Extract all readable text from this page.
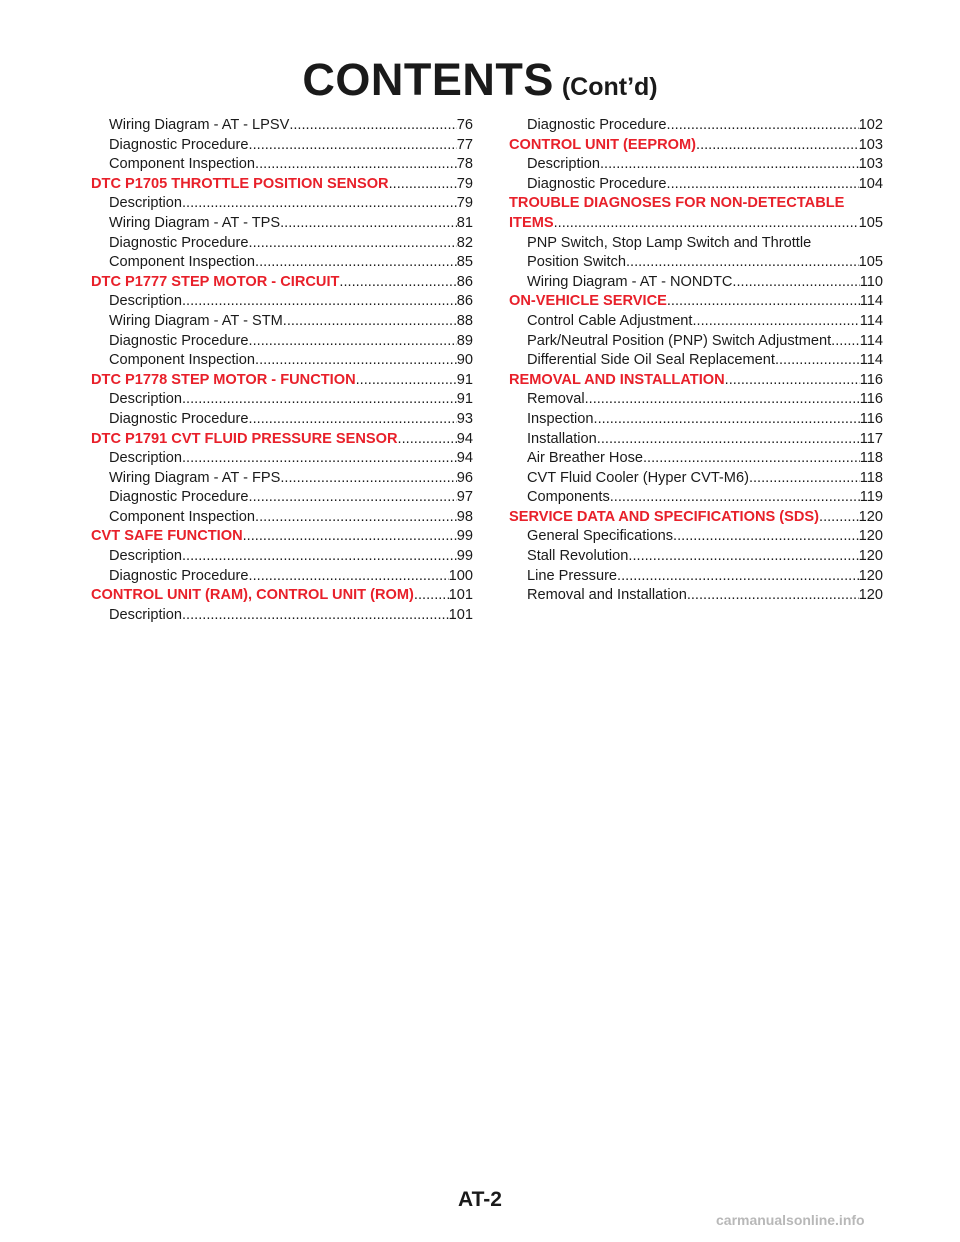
CONTENTS (Cont’d)
Wiring Diagram - AT - LPSV .....	76
Diagnostic Procedure .....	77
Component Inspection .....	78
DTC P1705 THROTTLE POSITION SENSOR .....	79
Description .....	79
Wiring Diagram - AT - TPS .....	81
Diagnostic Procedure .....	82
Component Inspection .....	85
DTC P1777 STEP MOTOR - CIRCUIT .....	86
Description .....	86
Wiring Diagram - AT - STM .....	88
Diagnostic Procedure .....	89
Component Inspection .....	90
DTC P1778 STEP MOTOR - FUNCTION .....	91
Description .....	91
Diagnostic Procedure .....	93
DTC P1791 CVT FLUID PRESSURE SENSOR .....	94
Description .....	94
Wiring Diagram - AT - FPS .....	96
Diagnostic Procedure .....	97
Component Inspection .....	98
CVT SAFE FUNCTION .....	99
Description .....	99
Diagnostic Procedure .....	100
CONTROL UNIT (RAM), CONTROL UNIT (ROM) ..... 101
Description .....	101
Diagnostic Procedure .....	102
CONTROL UNIT (EEPROM) .....	103
Description .....	103
Diagnostic Procedure .....	104
TROUBLE DIAGNOSES FOR NON-DETECTABLE
ITEMS .....	105
PNP Switch, Stop Lamp Switch and Throttle
Position Switch .....	105
Wiring Diagram - AT - NONDTC .....	110
ON-VEHICLE SERVICE .....	114
Control Cable Adjustment .....	114
Park/Neutral Position (PNP) Switch Adjustment ..... 114
Differential Side Oil Seal Replacement .....	114
REMOVAL AND INSTALLATION .....	116
Removal .....	116
Inspection .....	116
Installation .....	117
Air Breather Hose .....	118
CVT Fluid Cooler (Hyper CVT-M6) .....	118
Components .....	119
SERVICE DATA AND SPECIFICATIONS (SDS) .....	120
General Specifications .....	120
Stall Revolution .....	120
Line Pressure .....	120
Removal and Installation .....	120
AT-2
carmanualsonline.info
